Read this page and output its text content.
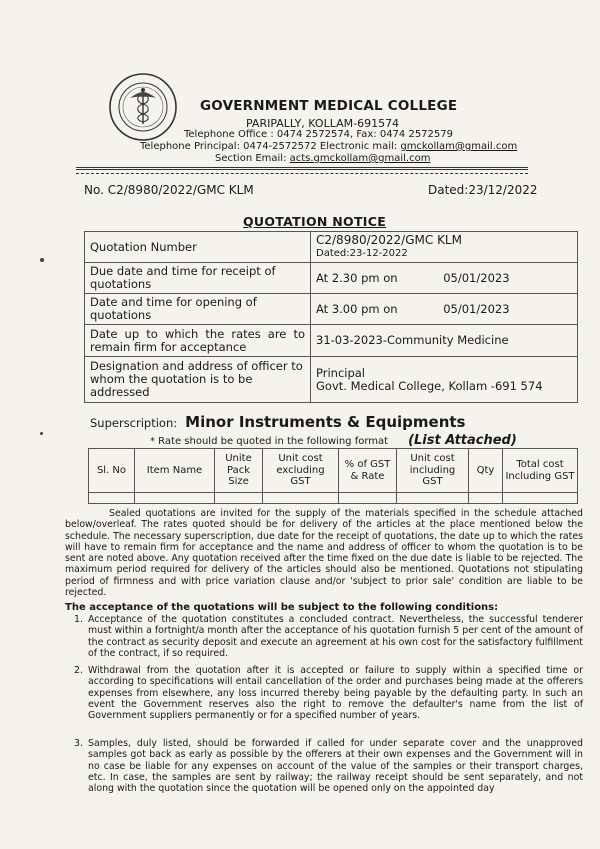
GOVERNMENT MEDICAL COLLEGE
PARIPALLY, KOLLAM-691574
Telephone Office : 0474 2572574, Fax: 0474 2572579
Telephone Principal: 0474-2572572 Electronic mail: gmckollam@gmail.com
Section Email: acts.gmckollam@gmail.com
No. C2/8980/2022/GMC KLM	Dated:23/12/2022
QUOTATION NOTICE
Quotation Number	C2/8980/2022/GMC KLM
Dated:23-12-2022

Due date and time for receipt of quotations	At 2.30 pm on 05/01/2023
Date and time for opening of quotations	At 3.00 pm on 05/01/2023
Date up to which the rates are to remain firm for acceptance	31-03-2023-Community Medicine
Designation and address of officer to whom the quotation is to be addressed	Principal
Govt. Medical College, Kollam -691 574
Superscription: Minor Instruments & Equipments
* Rate should be quoted in the following format (List Attached)
Sl. No	Item Name	Unite Pack Size	Unit cost excluding GST	% of GST & Rate	Unit cost including GST	Qty	Total cost Including GST

Sealed quotations are invited for the supply of the materials specified in the schedule attached below/overleaf. The rates quoted should be for delivery of the articles at the place mentioned below the schedule. The necessary superscription, due date for the receipt of quotations, the date up to which the rates will have to remain firm for acceptance and the name and address of officer to whom the quotation is to be sent are noted above. Any quotation received after the time fixed on the due date is liable to be rejected. The maximum period required for delivery of the articles should also be mentioned. Quotations not stipulating period of firmness and with price variation clause and/or 'subject to prior sale' condition are liable to be rejected.
The acceptance of the quotations will be subject to the following conditions:
1. Acceptance of the quotation constitutes a concluded contract. Nevertheless, the successful tenderer must within a fortnight/a month after the acceptance of his quotation furnish 5 per cent of the amount of the contract as security deposit and execute an agreement at his own cost for the satisfactory fulfillment of the contract, if so required.
2. Withdrawal from the quotation after it is accepted or failure to supply within a specified time or according to specifications will entail cancellation of the order and purchases being made at the offerers expenses from elsewhere, any loss incurred thereby being payable by the defaulting party. In such an event the Government reserves also the right to remove the defaulter's name from the list of Government suppliers permanently or for a specified number of years.
3. Samples, duly listed, should be forwarded if called for under separate cover and the unapproved samples got back as early as possible by the offerers at their own expenses and the Government will in no case be liable for any expenses on account of the value of the samples or their transport charges, etc. In case, the samples are sent by railway; the railway receipt should be sent separately, and not along with the quotation since the quotation will be opened only on the appointed day
